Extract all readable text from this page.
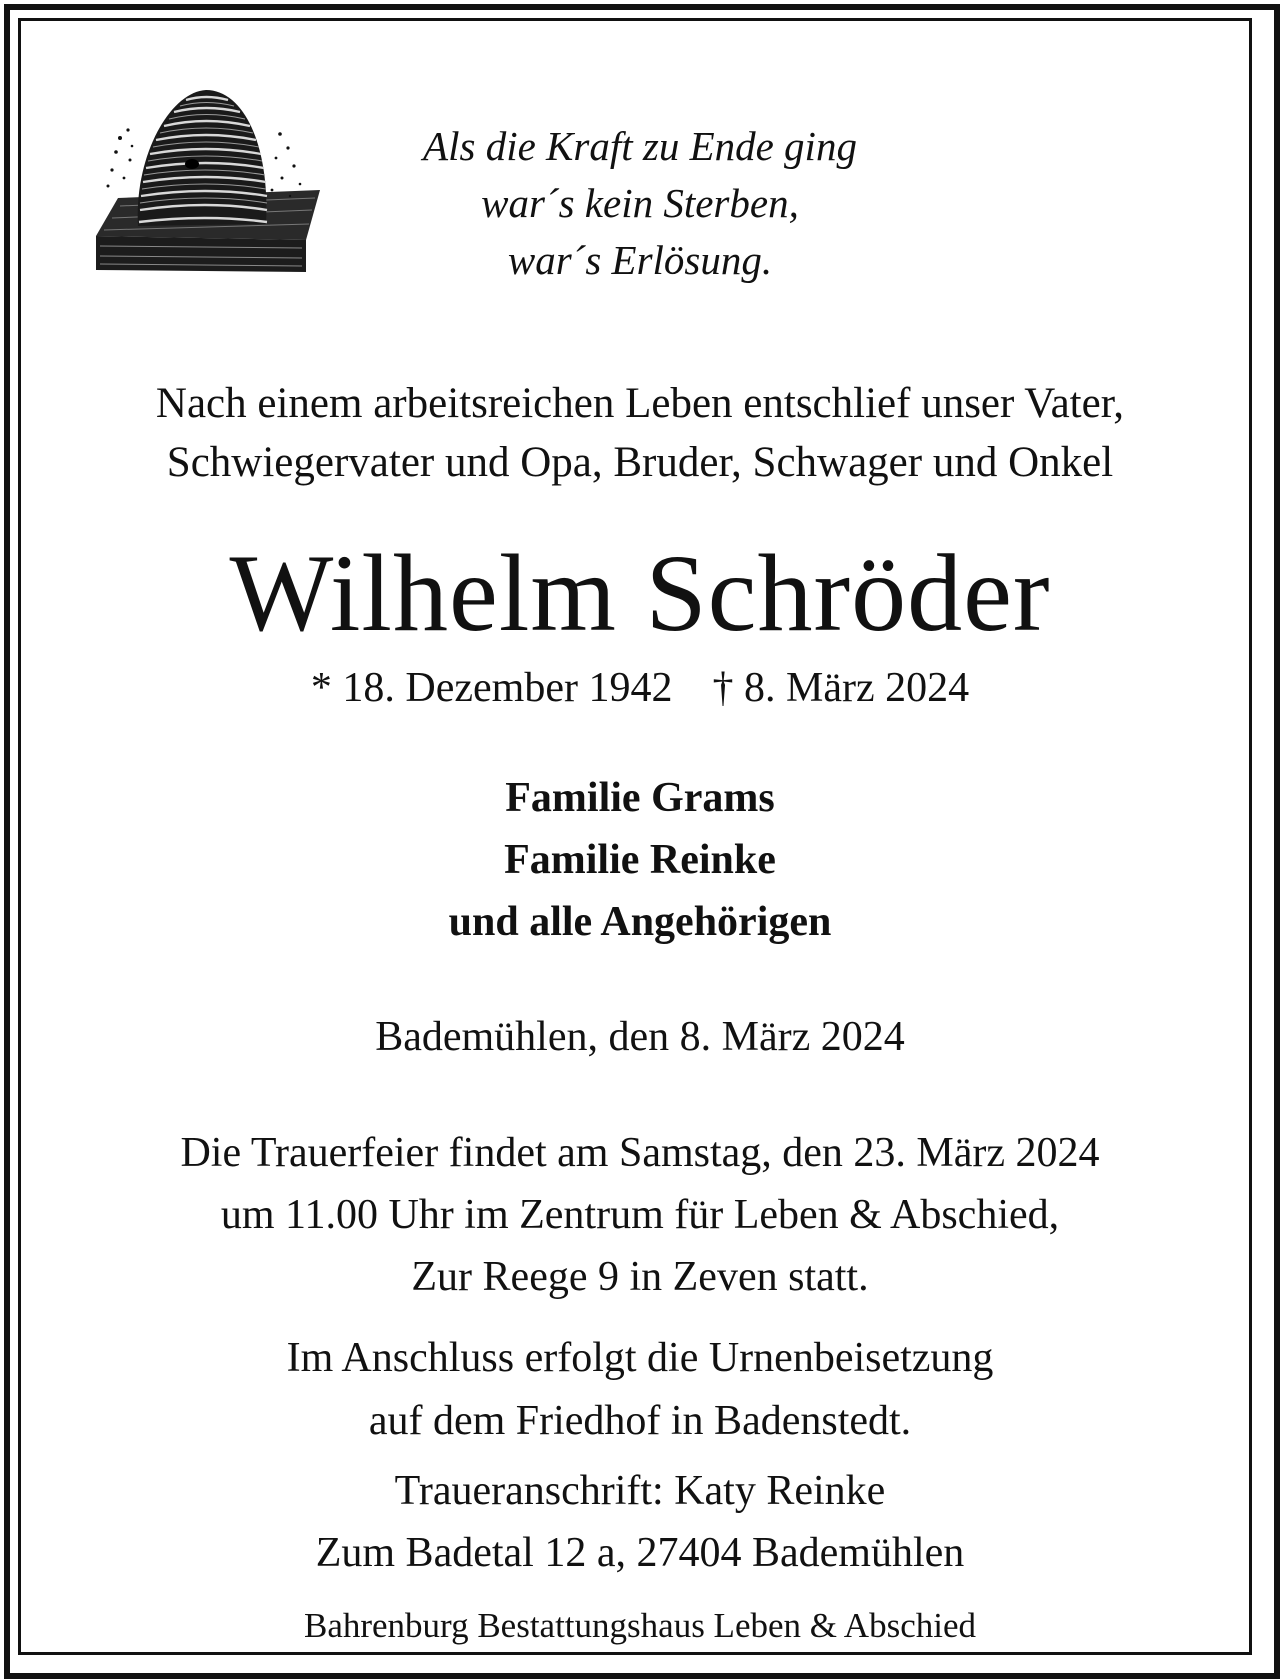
Als die Kraft zu Ende ging
war´s kein Sterben,
war´s Erlösung.
Nach einem arbeitsreichen Leben entschlief unser Vater,
Schwiegervater und Opa, Bruder, Schwager und Onkel
Wilhelm Schröder
* 18. Dezember 1942 † 8. März 2024
Familie Grams
Familie Reinke
und alle Angehörigen
Bademühlen, den 8. März 2024
Die Trauerfeier findet am Samstag, den 23. März 2024
um 11.00 Uhr im Zentrum für Leben & Abschied,
Zur Reege 9 in Zeven statt.
Im Anschluss erfolgt die Urnenbeisetzung
auf dem Friedhof in Badenstedt.
Traueranschrift: Katy Reinke
Zum Badetal 12 a, 27404 Bademühlen
Bahrenburg Bestattungshaus Leben & Abschied
